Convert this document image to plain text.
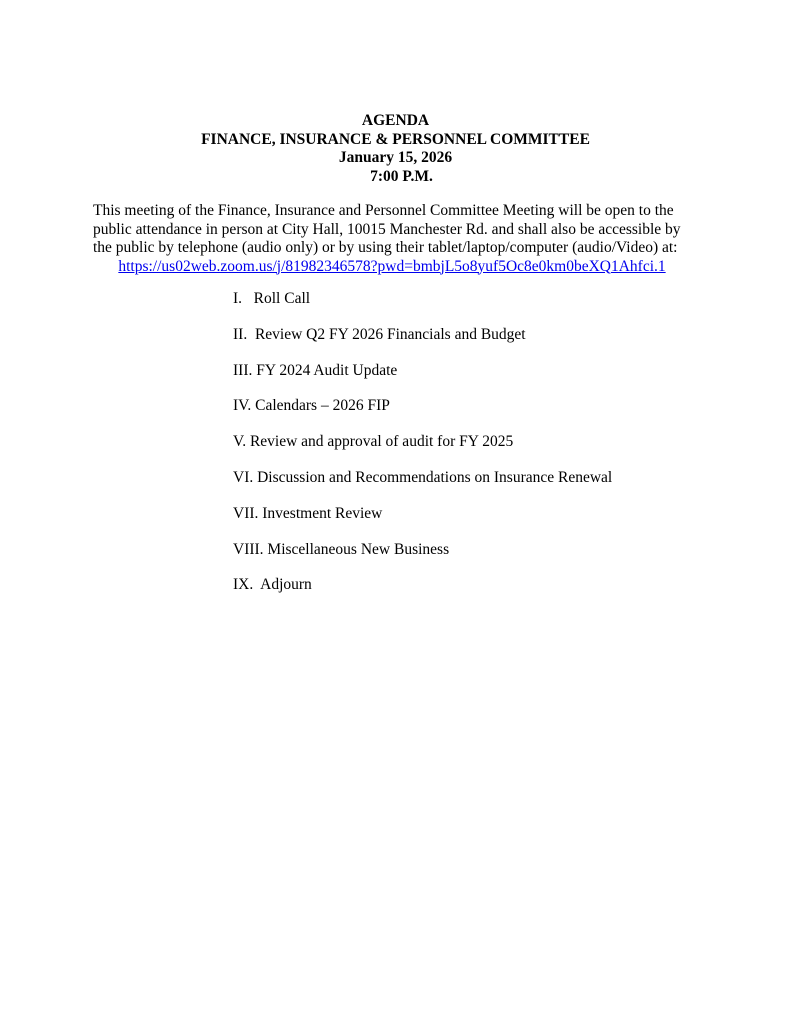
AGENDA
FINANCE, INSURANCE & PERSONNEL COMMITTEE
January 15, 2026
7:00 P.M.
This meeting of the Finance, Insurance and Personnel Committee Meeting will be open to the
public attendance in person at City Hall, 10015 Manchester Rd. and shall also be accessible by
the public by telephone (audio only) or by using their tablet/laptop/computer (audio/Video) at:
https://us02web.zoom.us/j/81982346578?pwd=bmbjL5o8yuf5Oc8e0km0beXQ1Ahfci.1
I.   Roll Call
II.  Review Q2 FY 2026 Financials and Budget
III. FY 2024 Audit Update
IV. Calendars – 2026 FIP
V. Review and approval of audit for FY 2025
VI. Discussion and Recommendations on Insurance Renewal
VII. Investment Review
VIII. Miscellaneous New Business
IX.  Adjourn
